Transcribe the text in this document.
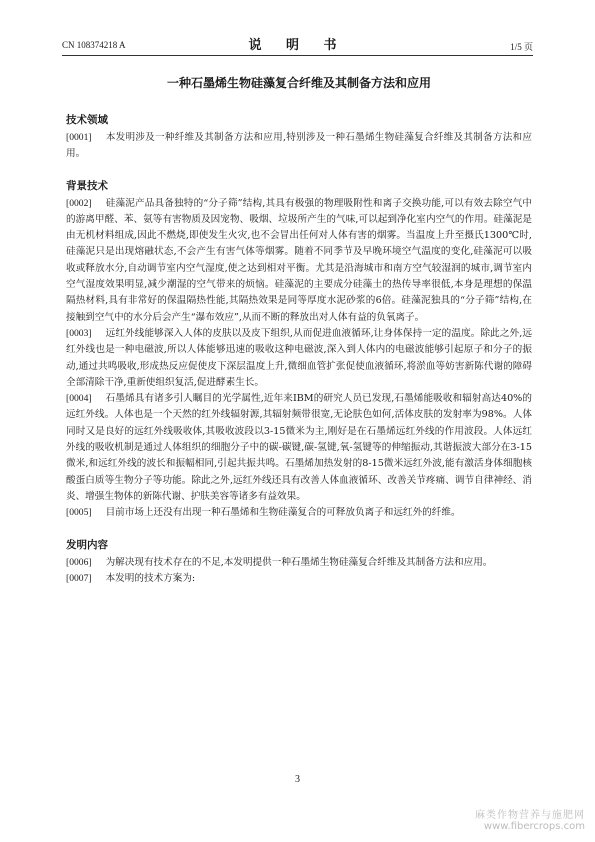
CN 108374218 A	说 明 书	1/5 页
一种石墨烯生物硅藻复合纤维及其制备方法和应用
技术领域

[0001] 本发明涉及一种纤维及其制备方法和应用,特别涉及一种石墨烯生物硅藻复合纤维及其制备方法和应用。

背景技术

[0002] 硅藻泥产品具备独特的“分子筛”结构,其具有极强的物理吸附性和离子交换功能,可以有效去除空气中的游离甲醛、苯、氨等有害物质及因宠物、吸烟、垃圾所产生的气味,可以起到净化室内空气的作用。硅藻泥是由无机材料组成,因此不燃烧,即使发生火灾,也不会冒出任何对人体有害的烟雾。当温度上升至摄氏1300℃时,硅藻泥只是出现熔融状态,不会产生有害气体等烟雾。随着不同季节及早晚环境空气温度的变化,硅藻泥可以吸收或释放水分,自动调节室内空气湿度,使之达到相对平衡。尤其是沿海城市和南方空气较湿润的城市,调节室内空气湿度效果明显,减少潮湿的空气带来的烦恼。硅藻泥的主要成分硅藻土的热传导率很低,本身是理想的保温隔热材料,具有非常好的保温隔热性能,其隔热效果是同等厚度水泥砂浆的6倍。硅藻泥独具的“分子筛”结构,在接触到空气中的水分后会产生“瀑布效应”,从而不断的释放出对人体有益的负氧离子。

[0003] 远红外线能够深入人体的皮肤以及皮下组织,从而促进血液循环,让身体保持一定的温度。除此之外,远红外线也是一种电磁波,所以人体能够迅速的吸收这种电磁波,深入到人体内的电磁波能够引起原子和分子的振动,通过共鸣吸收,形成热反应促使皮下深层温度上升,微细血管扩张促使血液循环,将淤血等妨害新陈代谢的障碍全部清除干净,重新使组织复活,促进酵素生长。

[0004] 石墨烯具有诸多引人瞩目的光学属性,近年来IBM的研究人员已发现,石墨烯能吸收和辐射高达40%的远红外线。人体也是一个天然的红外线辐射源,其辐射频带很宽,无论肤色如何,活体皮肤的发射率为98%。人体同时又是良好的远红外线吸收体,其吸收波段以3-15微米为主,刚好是在石墨烯远红外线的作用波段。人体远红外线的吸收机制是通过人体组织的细胞分子中的碳-碳键,碳-氢键,氧-氢键等的伸缩振动,其谐振波大部分在3-15微米,和远红外线的波长和振幅相同,引起共振共鸣。石墨烯加热发射的8-15微米远红外波,能有激活身体细胞核酸蛋白质等生物分子等功能。除此之外,远红外线还具有改善人体血液循环、改善关节疼痛、调节自律神经、消炎、增强生物体的新陈代谢、护肤美容等诸多有益效果。

[0005] 目前市场上还没有出现一种石墨烯和生物硅藻复合的可释放负离子和远红外的纤维。

发明内容

[0006] 为解决现有技术存在的不足,本发明提供一种石墨烯生物硅藻复合纤维及其制备方法和应用。

[0007] 本发明的技术方案为:

3
麻类作物营养与施肥网
www.fibercrops.com
